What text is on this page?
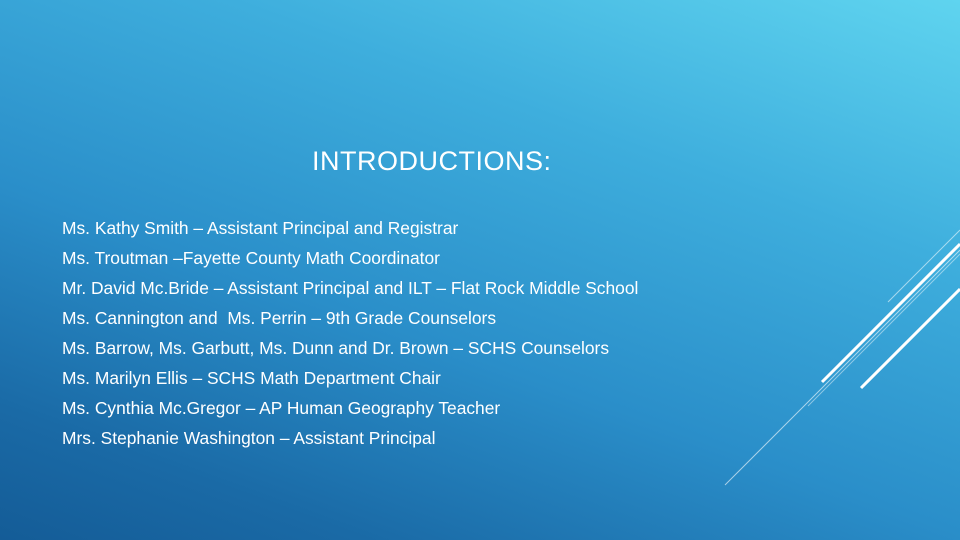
INTRODUCTIONS:
Ms. Kathy Smith – Assistant Principal and Registrar
Ms. Troutman –Fayette County Math Coordinator
Mr. David Mc.Bride – Assistant Principal and ILT – Flat Rock Middle School
Ms. Cannington and  Ms. Perrin – 9th Grade Counselors
Ms. Barrow, Ms. Garbutt, Ms. Dunn and Dr. Brown – SCHS Counselors
Ms. Marilyn Ellis – SCHS Math Department Chair
Ms. Cynthia Mc.Gregor – AP Human Geography Teacher
Mrs. Stephanie Washington – Assistant Principal
